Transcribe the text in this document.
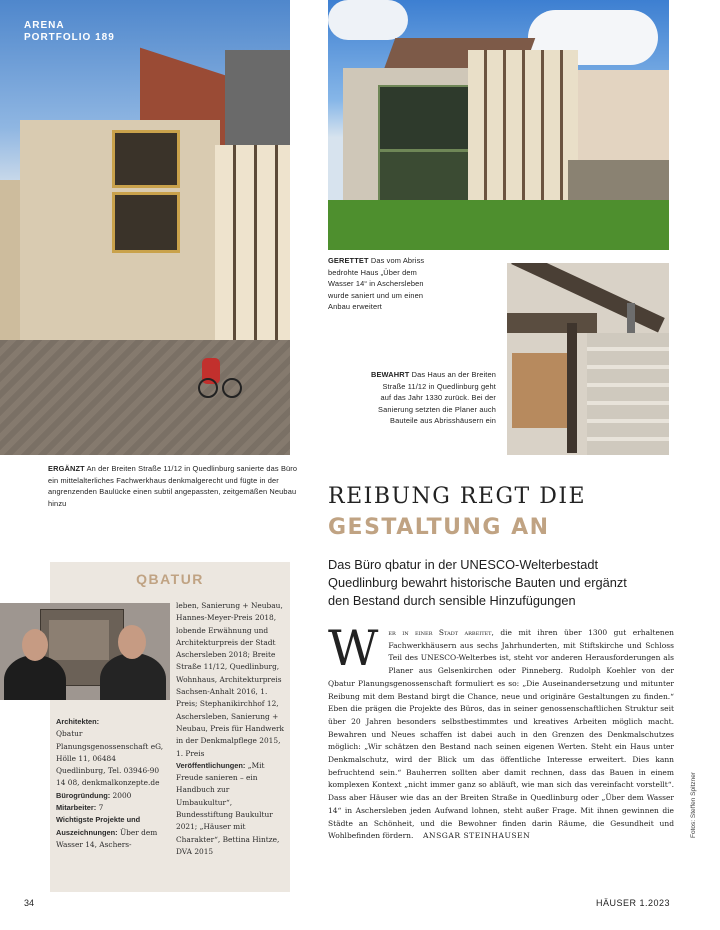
ARENA
PORTFOLIO 189
ERGÄNZT An der Breiten Straße 11/12 in Quedlinburg sanierte das Büro ein mittelalterliches Fachwerkhaus denkmalgerecht und fügte in der angrenzenden Baulücke einen subtil angepassten, zeitgemäßen Neubau hinzu
GERETTET Das vom Abriss bedrohte Haus „Über dem Wasser 14“ in Aschersleben wurde saniert und um einen Anbau erweitert
BEWAHRT Das Haus an der Breiten Straße 11/12 in Quedlinburg geht auf das Jahr 1330 zurück. Bei der Sanierung setzten die Planer auch Bauteile aus Abrisshäusern ein
REIBUNG REGT DIE
GESTALTUNG AN
Das Büro qbatur in der UNESCO-Welterbestadt Quedlinburg bewahrt historische Bauten und ergänzt den Bestand durch sensible Hinzufügungen
W er in einer Stadt arbeitet, die mit ihren über 1300 gut erhaltenen Fachwerkhäusern aus sechs Jahrhunderten, mit Stiftskirche und Schloss Teil des UNESCO-Welterbes ist, steht vor anderen Herausforderungen als Planer aus Gelsenkirchen oder Pinneberg. Rudolph Koehler von der Qbatur Planungsgenossenschaft formuliert es so: „Die Auseinandersetzung und mitunter Reibung mit dem Bestand birgt die Chance, neue und originäre Gestaltungen zu finden.“ Eben die prägen die Projekte des Büros, das in seiner genossenschaftlichen Struktur seit über 20 Jahren besonders selbstbestimmtes und kreatives Arbeiten möglich macht. Bewahren und Neues schaffen ist dabei auch in den Grenzen des Denkmalschutzes möglich: „Wir schätzen den Bestand nach seinen eigenen Werten. Steht ein Haus unter Denkmalschutz, wird der Blick um das öffentliche Interesse erweitert. Dies kann befruchtend sein.“ Bauherren sollten aber damit rechnen, dass das Bauen in einem komplexen Kontext „nicht immer ganz so abläuft, wie man sich das vereinfacht vorstellt“. Dass aber Häuser wie das an der Breiten Straße in Quedlinburg oder „Über dem Wasser 14“ in Aschersleben jeden Aufwand lohnen, steht außer Frage. Mit ihnen gewinnen die Städte an Schönheit, und die Bewohner finden darin Räume, die Gesundheit und Wohlbefinden fördern. ANSGAR STEINHAUSEN
QBATUR
Architekten:
Qbatur Planungsgenossenschaft eG, Hölle 11, 06484 Quedlinburg, Tel. 03946-90 14 08, denkmalkonzepte.de
Bürogründung: 2000
Mitarbeiter: 7
Wichtigste Projekte und Auszeichnungen: Über dem Wasser 14, Aschers-
leben, Sanierung + Neubau, Hannes-Meyer-Preis 2018, lobende Erwähnung und Architekturpreis der Stadt Aschersleben 2018; Breite Straße 11/12, Quedlinburg, Wohnhaus, Architekturpreis Sachsen-Anhalt 2016, 1. Preis; Stephanikirchhof 12, Aschersleben, Sanierung + Neubau, Preis für Handwerk in der Denkmalpflege 2015, 1. Preis
Veröffentlichungen: „Mit Freude sanieren – ein Handbuch zur Umbaukultur“, Bundesstiftung Baukultur 2021; „Häuser mit Charakter“, Bettina Hintze, DVA 2015
Fotos: Steffen Spitzner
34	HÄUSER 1.2023
